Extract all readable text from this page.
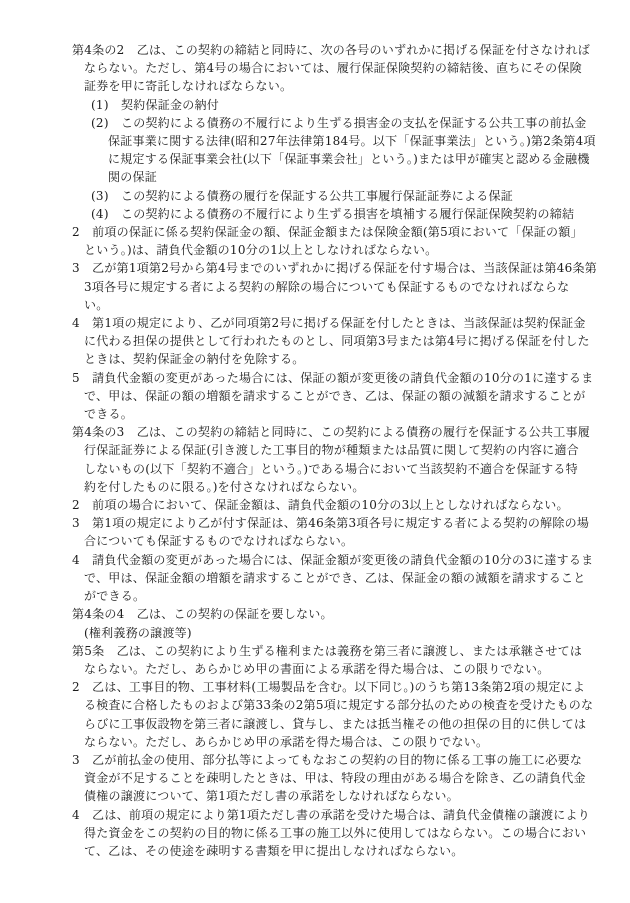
第4条の2　乙は、この契約の締結と同時に、次の各号のいずれかに掲げる保証を付さなければ
ならない。ただし、第4号の場合においては、履行保証保険契約の締結後、直ちにその保険
証券を甲に寄託しなければならない。
(1)　契約保証金の納付
(2)　この契約による債務の不履行により生ずる損害金の支払を保証する公共工事の前払金
保証事業に関する法律(昭和27年法律第184号。以下「保証事業法」という。)第2条第4項
に規定する保証事業会社(以下「保証事業会社」という。)または甲が確実と認める金融機
関の保証
(3)　この契約による債務の履行を保証する公共工事履行保証証券による保証
(4)　この契約による債務の不履行により生ずる損害を填補する履行保証保険契約の締結
2　前項の保証に係る契約保証金の額、保証金額または保険金額(第5項において「保証の額」
という。)は、請負代金額の10分の1以上としなければならない。
3　乙が第1項第2号から第4号までのいずれかに掲げる保証を付す場合は、当該保証は第46条第
3項各号に規定する者による契約の解除の場合についても保証するものでなければならな
い。
4　第1項の規定により、乙が同項第2号に掲げる保証を付したときは、当該保証は契約保証金
に代わる担保の提供として行われたものとし、同項第3号または第4号に掲げる保証を付した
ときは、契約保証金の納付を免除する。
5　請負代金額の変更があった場合には、保証の額が変更後の請負代金額の10分の1に達するま
で、甲は、保証の額の増額を請求することができ、乙は、保証の額の減額を請求することが
できる。
第4条の3　乙は、この契約の締結と同時に、この契約による債務の履行を保証する公共工事履
行保証証券による保証(引き渡した工事目的物が種類または品質に関して契約の内容に適合
しないもの(以下「契約不適合」という。)である場合において当該契約不適合を保証する特
約を付したものに限る。)を付さなければならない。
2　前項の場合において、保証金額は、請負代金額の10分の3以上としなければならない。
3　第1項の規定により乙が付す保証は、第46条第3項各号に規定する者による契約の解除の場
合についても保証するものでなければならない。
4　請負代金額の変更があった場合には、保証金額が変更後の請負代金額の10分の3に達するま
で、甲は、保証金額の増額を請求することができ、乙は、保証金の額の減額を請求すること
ができる。
第4条の4　乙は、この契約の保証を要しない。
(権利義務の譲渡等)
第5条　乙は、この契約により生ずる権利または義務を第三者に譲渡し、または承継させては
ならない。ただし、あらかじめ甲の書面による承諾を得た場合は、この限りでない。
2　乙は、工事目的物、工事材料(工場製品を含む。以下同じ。)のうち第13条第2項の規定によ
る検査に合格したものおよび第33条の2第5項に規定する部分払のための検査を受けたものな
らびに工事仮設物を第三者に譲渡し、貸与し、または抵当権その他の担保の目的に供しては
ならない。ただし、あらかじめ甲の承諾を得た場合は、この限りでない。
3　乙が前払金の使用、部分払等によってもなおこの契約の目的物に係る工事の施工に必要な
資金が不足することを疎明したときは、甲は、特段の理由がある場合を除き、乙の請負代金
債権の譲渡について、第1項ただし書の承諾をしなければならない。
4　乙は、前項の規定により第1項ただし書の承諾を受けた場合は、請負代金債権の譲渡により
得た資金をこの契約の目的物に係る工事の施工以外に使用してはならない。この場合におい
て、乙は、その使途を疎明する書類を甲に提出しなければならない。
